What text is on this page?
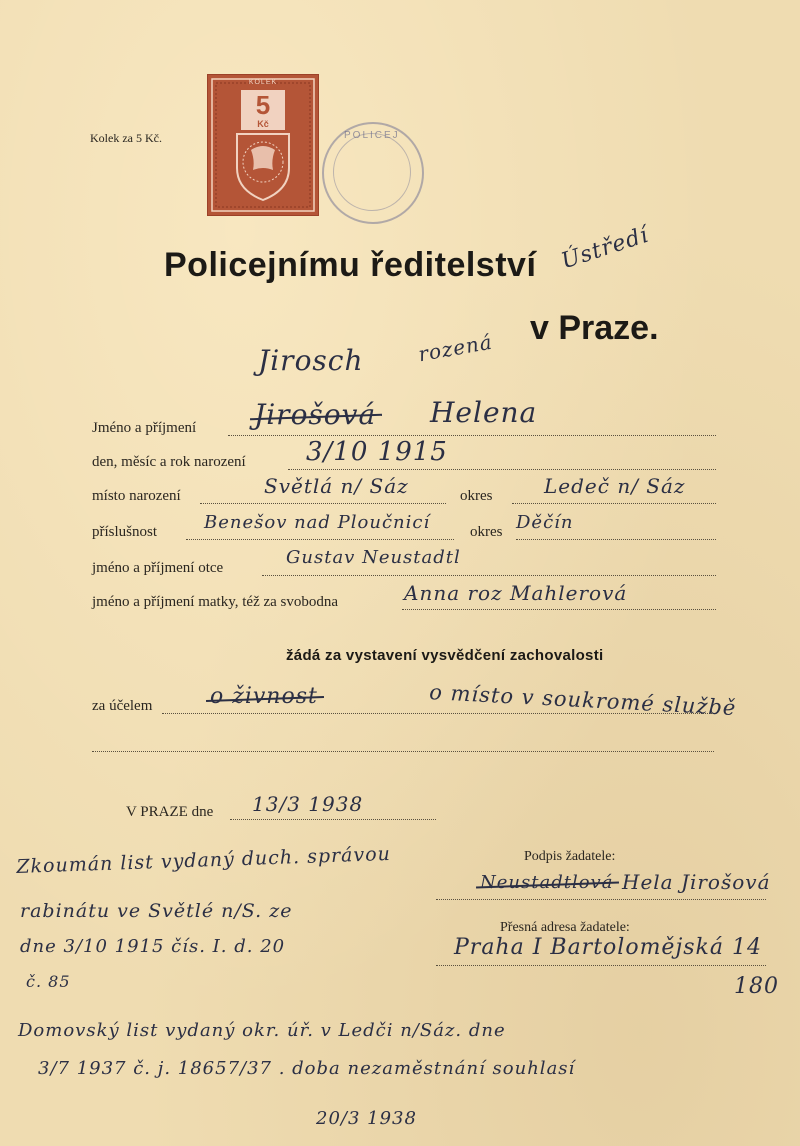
Kolek za 5 Kč.
KOLEK
5
Kč
POLICEJ
Policejnímu ředitelství
v Praze.
Ústředí
Jirosch	rozená
Jméno a příjmení Jirošová Helena
den, měsíc a rok narození 3/10 1915
místo narození	Světlá n/ Sáz	okres	Ledeč n/ Sáz
příslušnost	Benešov nad Ploučnicí	okres Děčín
jméno a příjmení otce	Gustav Neustadtl
jméno a příjmení matky, též za svobodna	Anna roz Mahlerová
žádá za vystavení vysvědčení zachovalosti
za účelem	o živnost	o místo v soukromé službě
V PRAZE dne 13/3 1938
Podpis žadatele:
Neustadtlová Hela Jirošová
Přesná adresa žadatele:
Praha I Bartolomějská 14
180
Zkoumán list vydaný duch. správou
rabinátu ve Světlé n/S. ze
dne 3/10 1915 čís. I. d. 20
č. 85
Domovský list vydaný okr. úř. v Ledči n/Sáz. dne
3/7 1937 č. j. 18657/37 . doba nezaměstnání souhlasí
20/3 1938
